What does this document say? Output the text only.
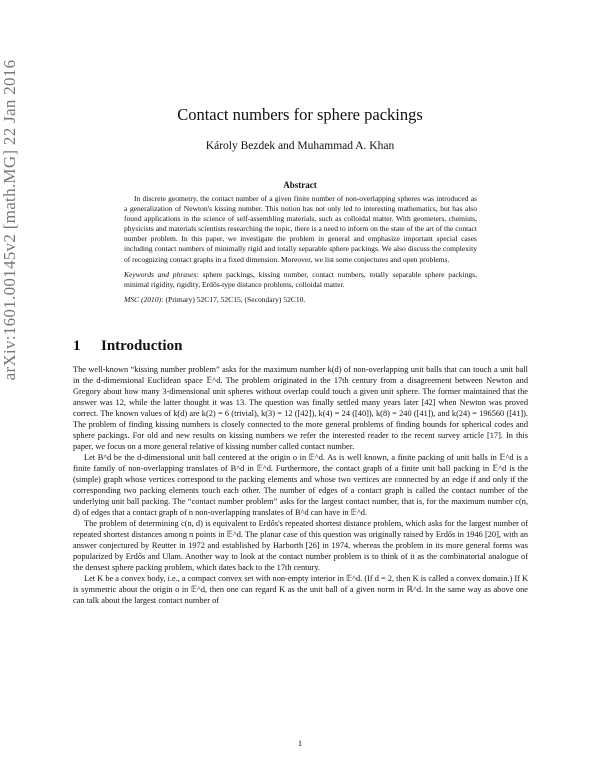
arXiv:1601.00145v2 [math.MG] 22 Jan 2016	Contact numbers for sphere packings
Károly Bezdek and Muhammad A. Khan
Abstract

In discrete geometry, the contact number of a given finite number of non-overlapping spheres was introduced as a generalization of Newton's kissing number. This notion has not only led to interesting mathematics, but has also found applications in the science of self-assembling materials, such as colloidal matter. With geometers, chemists, physicists and materials scientists researching the topic, there is a need to inform on the state of the art of the contact number problem. In this paper, we investigate the problem in general and emphasize important special cases including contact numbers of minimally rigid and totally separable sphere packings. We also discuss the complexity of recognizing contact graphs in a fixed dimension. Moreover, we list some conjectures and open problems.

Keywords and phrases: sphere packings, kissing number, contact numbers, totally separable sphere packings, minimal rigidity, rigidity, Erdős-type distance problems, colloidal matter.

MSC (2010): (Primary) 52C17, 52C15, (Secondary) 52C10.

1 Introduction

The well-known “kissing number problem” asks for the maximum number k(d) of non-overlapping unit balls that can touch a unit ball in the d-dimensional Euclidean space 𝔼^d. The problem originated in the 17th century from a disagreement between Newton and Gregory about how many 3-dimensional unit spheres without overlap could touch a given unit sphere. The former maintained that the answer was 12, while the latter thought it was 13. The question was finally settled many years later [42] when Newton was proved correct. The known values of k(d) are k(2) = 6 (trivial), k(3) = 12 ([42]), k(4) = 24 ([40]), k(8) = 240 ([41]), and k(24) = 196560 ([41]). The problem of finding kissing numbers is closely connected to the more general problems of finding bounds for spherical codes and sphere packings. For old and new results on kissing numbers we refer the interested reader to the recent survey article [17]. In this paper, we focus on a more general relative of kissing number called contact number.

Let B^d be the d-dimensional unit ball centered at the origin o in 𝔼^d. As is well known, a finite packing of unit balls in 𝔼^d is a finite family of non-overlapping translates of B^d in 𝔼^d. Furthermore, the contact graph of a finite unit ball packing in 𝔼^d is the (simple) graph whose vertices correspond to the packing elements and whose two vertices are connected by an edge if and only if the corresponding two packing elements touch each other. The number of edges of a contact graph is called the contact number of the underlying unit ball packing. The “contact number problem” asks for the largest contact number, that is, for the maximum number c(n, d) of edges that a contact graph of n non-overlapping translates of B^d can have in 𝔼^d.

The problem of determining c(n, d) is equivalent to Erdős's repeated shortest distance problem, which asks for the largest number of repeated shortest distances among n points in 𝔼^d. The planar case of this question was originally raised by Erdős in 1946 [20], with an answer conjectured by Reutter in 1972 and established by Harborth [26] in 1974, whereas the problem in its more general forms was popularized by Erdős and Ulam. Another way to look at the contact number problem is to think of it as the combinatorial analogue of the densest sphere packing problem, which dates back to the 17th century.

Let K be a convex body, i.e., a compact convex set with non-empty interior in 𝔼^d. (If d = 2, then K is called a convex domain.) If K is symmetric about the origin o in 𝔼^d, then one can regard K as the unit ball of a given norm in ℝ^d. In the same way as above one can talk about the largest contact number of

1
